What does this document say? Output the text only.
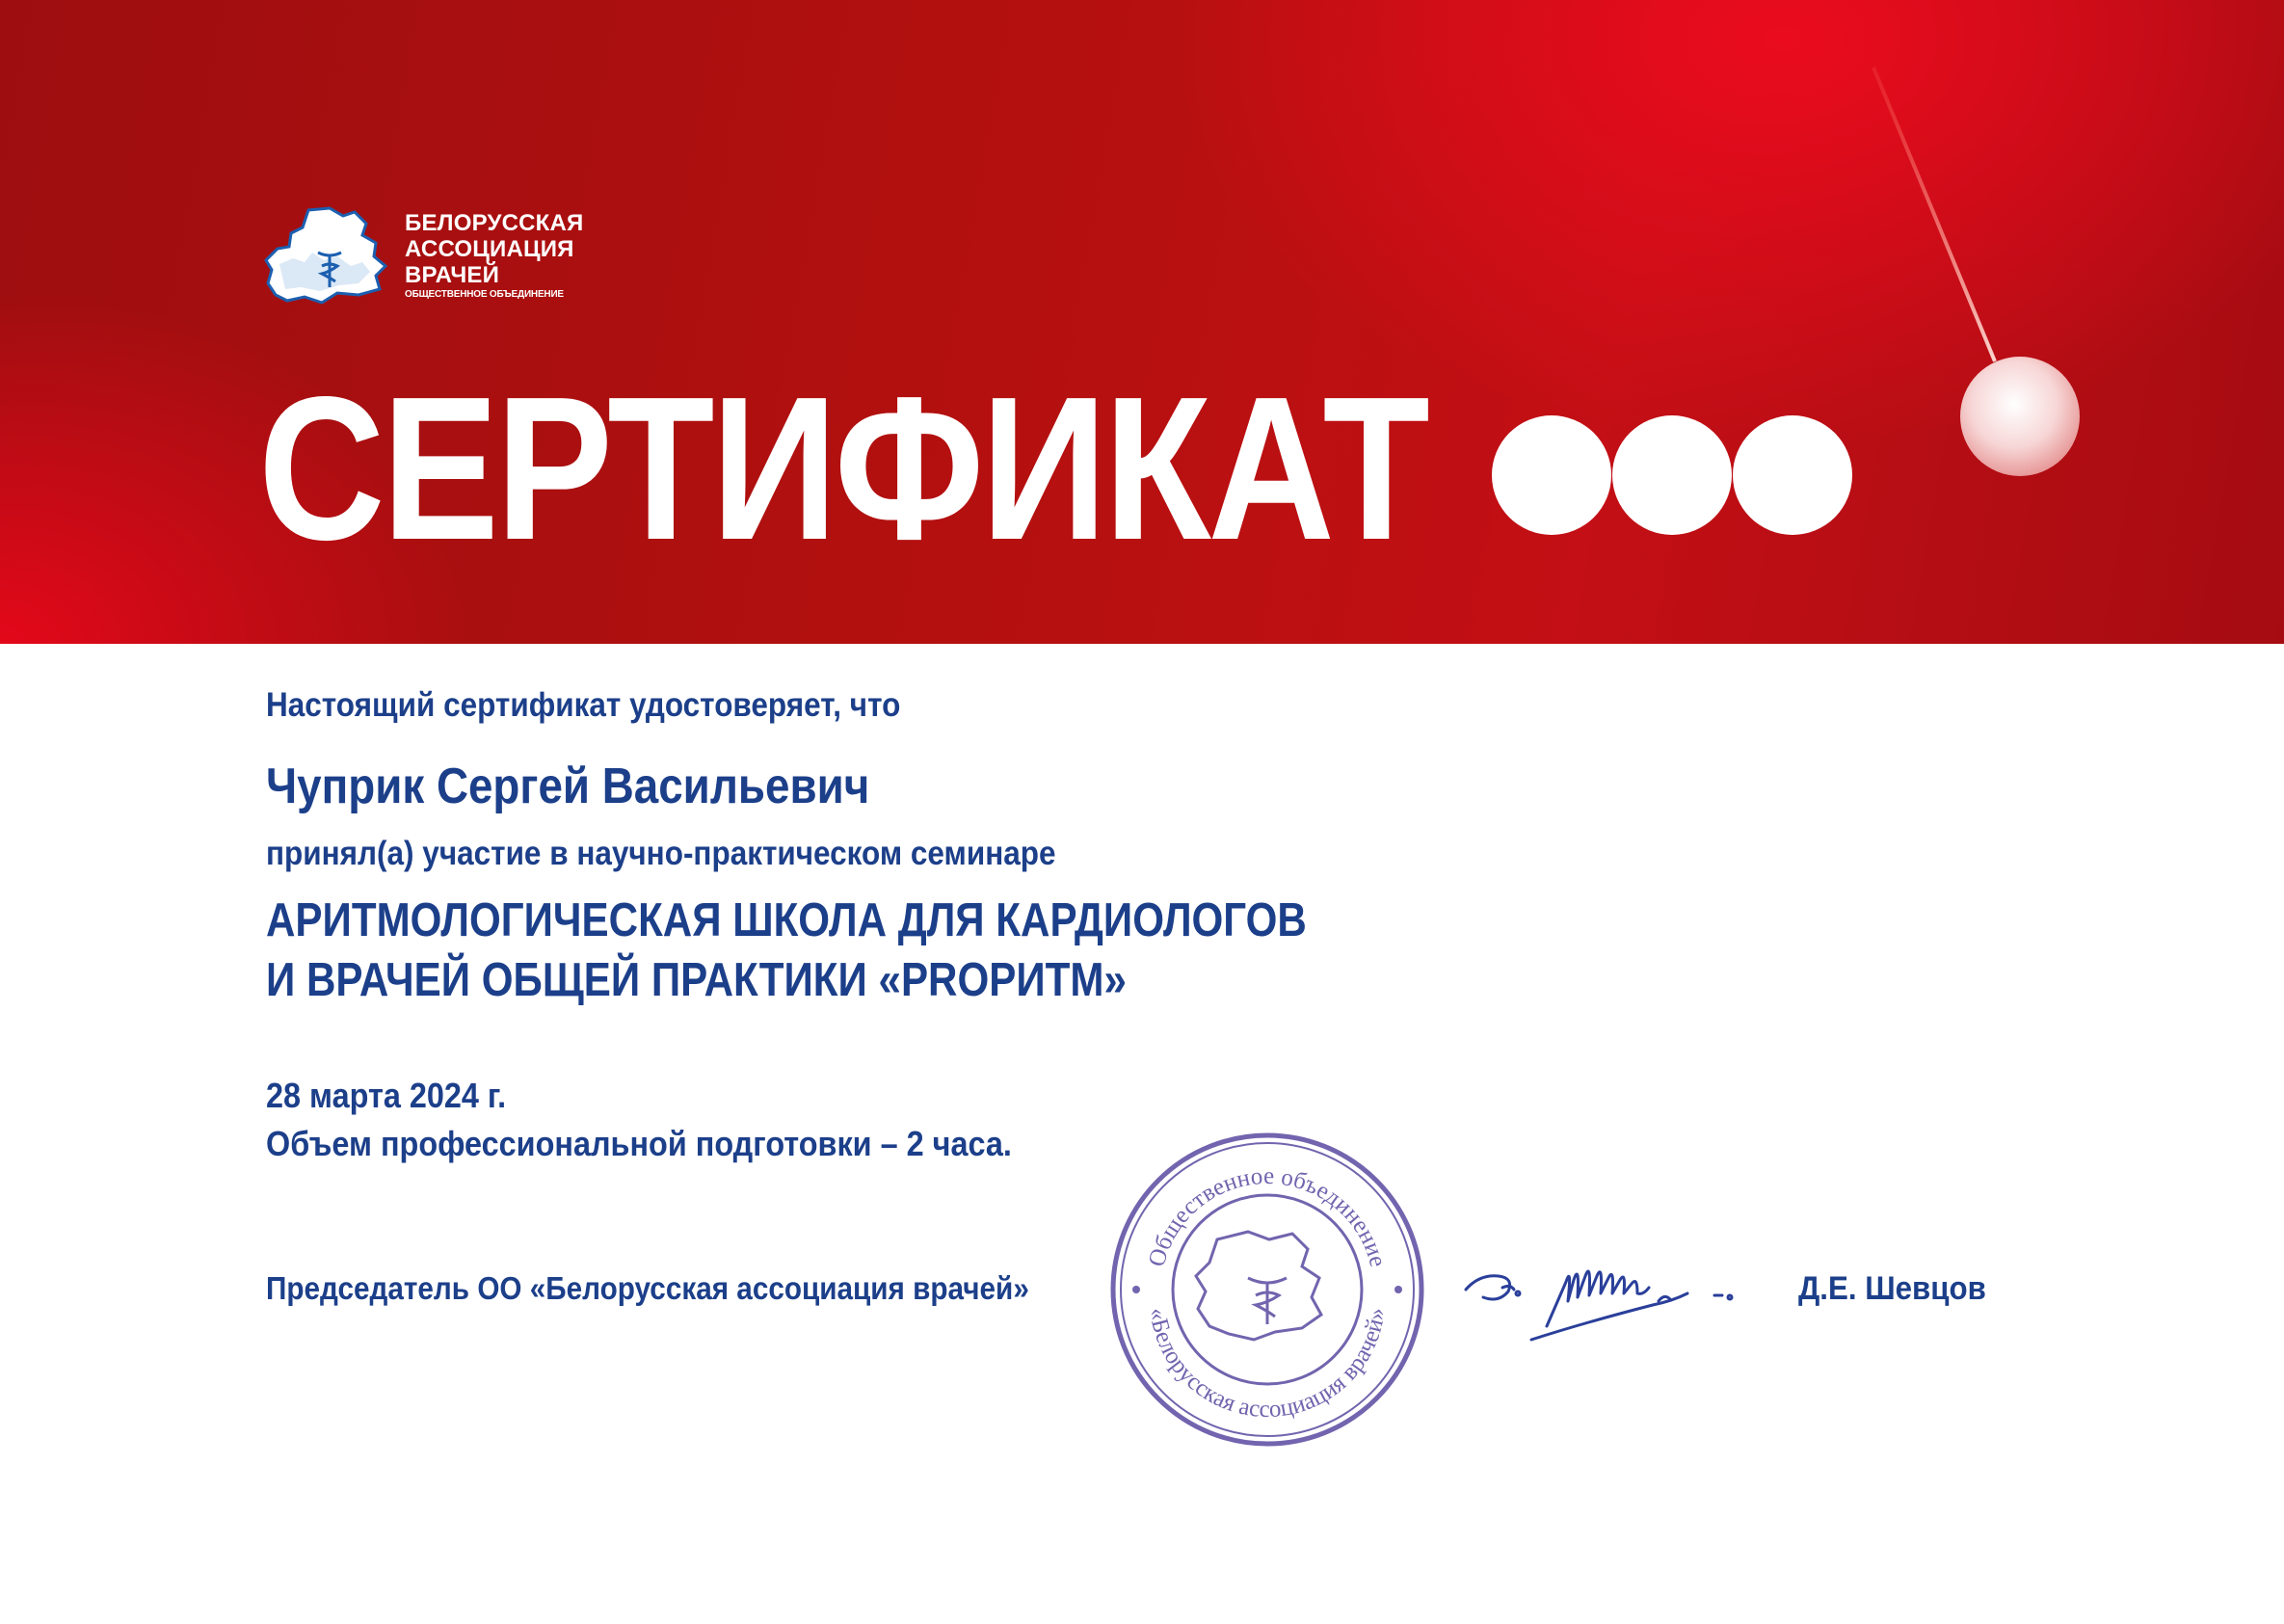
БЕЛОРУССКАЯ
АССОЦИАЦИЯ
ВРАЧЕЙ
ОБЩЕСТВЕННОЕ ОБЪЕДИНЕНИЕ
СЕРТИФИКАТ
Настоящий сертификат удостоверяет, что
Чуприк Сергей Васильевич
принял(а) участие в научно-практическом семинаре
АРИТМОЛОГИЧЕСКАЯ ШКОЛА ДЛЯ КАРДИОЛОГОВ
И ВРАЧЕЙ ОБЩЕЙ ПРАКТИКИ «PROРИТМ»
28 марта 2024 г.
Объем профессиональной подготовки – 2 часа.
Председатель ОО «Белорусская ассоциация врачей»
Общественное объединение
«Белорусская ассоциация врачей»
Д.Е. Шевцов
